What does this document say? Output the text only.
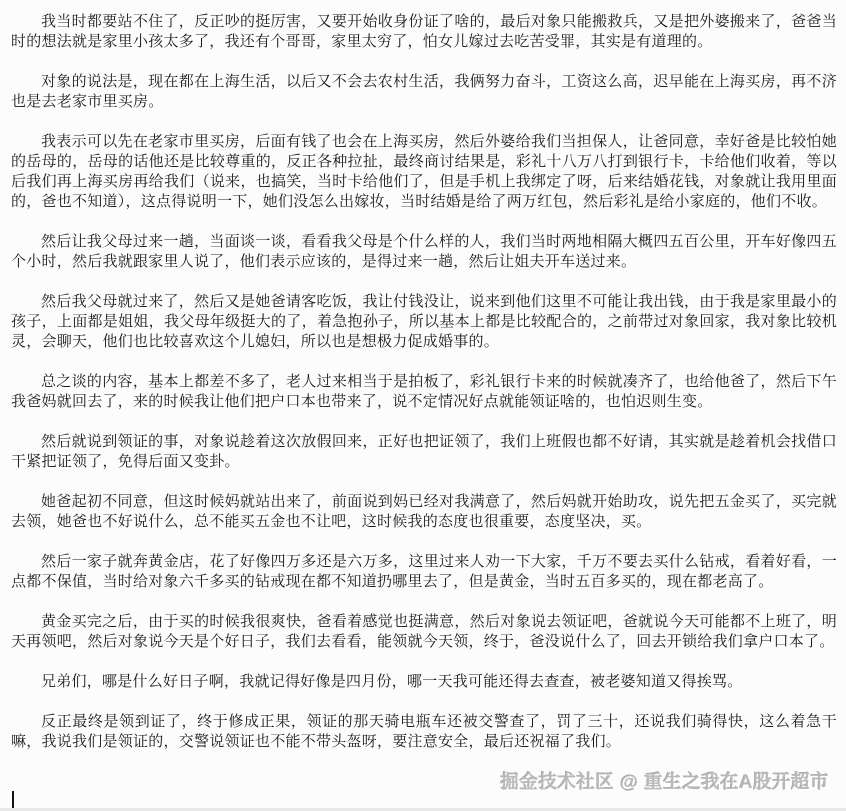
我当时都要站不住了，反正吵的挺厉害，又要开始收身份证了啥的，最后对象只能搬救兵，又是把外婆搬来了，爸爸当时的想法就是家里小孩太多了，我还有个哥哥，家里太穷了，怕女儿嫁过去吃苦受罪，其实是有道理的。

对象的说法是，现在都在上海生活，以后又不会去农村生活，我俩努力奋斗，工资这么高，迟早能在上海买房，再不济也是去老家市里买房。

我表示可以先在老家市里买房，后面有钱了也会在上海买房，然后外婆给我们当担保人，让爸同意，幸好爸是比较怕她的岳母的，岳母的话他还是比较尊重的，反正各种拉扯，最终商讨结果是，彩礼十八万八打到银行卡，卡给他们收着，等以后我们再上海买房再给我们（说来，也搞笑，当时卡给他们了，但是手机上我绑定了呀，后来结婚花钱，对象就让我用里面的，爸也不知道），这点得说明一下，她们没怎么出嫁妆，当时结婚是给了两万红包，然后彩礼是给小家庭的，他们不收。

然后让我父母过来一趟，当面谈一谈，看看我父母是个什么样的人，我们当时两地相隔大概四五百公里，开车好像四五个小时，然后我就跟家里人说了，他们表示应该的，是得过来一趟，然后让姐夫开车送过来。

然后我父母就过来了，然后又是她爸请客吃饭，我让付钱没让，说来到他们这里不可能让我出钱，由于我是家里最小的孩子，上面都是姐姐，我父母年级挺大的了，着急抱孙子，所以基本上都是比较配合的，之前带过对象回家，我对象比较机灵，会聊天，他们也比较喜欢这个儿媳妇，所以也是想极力促成婚事的。

总之谈的内容，基本上都差不多了，老人过来相当于是拍板了，彩礼银行卡来的时候就凑齐了，也给他爸了，然后下午我爸妈就回去了，来的时候我让他们把户口本也带来了，说不定情况好点就能领证啥的，也怕迟则生变。

然后就说到领证的事，对象说趁着这次放假回来，正好也把证领了，我们上班假也都不好请，其实就是趁着机会找借口干紧把证领了，免得后面又变卦。

她爸起初不同意，但这时候妈就站出来了，前面说到妈已经对我满意了，然后妈就开始助攻，说先把五金买了，买完就去领，她爸也不好说什么，总不能买五金也不让吧，这时候我的态度也很重要，态度坚决，买。

然后一家子就奔黄金店，花了好像四万多还是六万多，这里过来人劝一下大家，千万不要去买什么钻戒，看着好看，一点都不保值，当时给对象六千多买的钻戒现在都不知道扔哪里去了，但是黄金，当时五百多买的，现在都老高了。

黄金买完之后，由于买的时候我很爽快，爸看着感觉也挺满意，然后对象说去领证吧，爸就说今天可能都不上班了，明天再领吧，然后对象说今天是个好日子，我们去看看，能领就今天领，终于，爸没说什么了，回去开锁给我们拿户口本了。

兄弟们，哪是什么好日子啊，我就记得好像是四月份，哪一天我可能还得去查查，被老婆知道又得挨骂。

反正最终是领到证了，终于修成正果，领证的那天骑电瓶车还被交警查了，罚了三十，还说我们骑得快，这么着急干嘛，我说我们是领证的，交警说领证也不能不带头盔呀，要注意安全，最后还祝福了我们。

掘金技术社区 @ 重生之我在A股开超市
